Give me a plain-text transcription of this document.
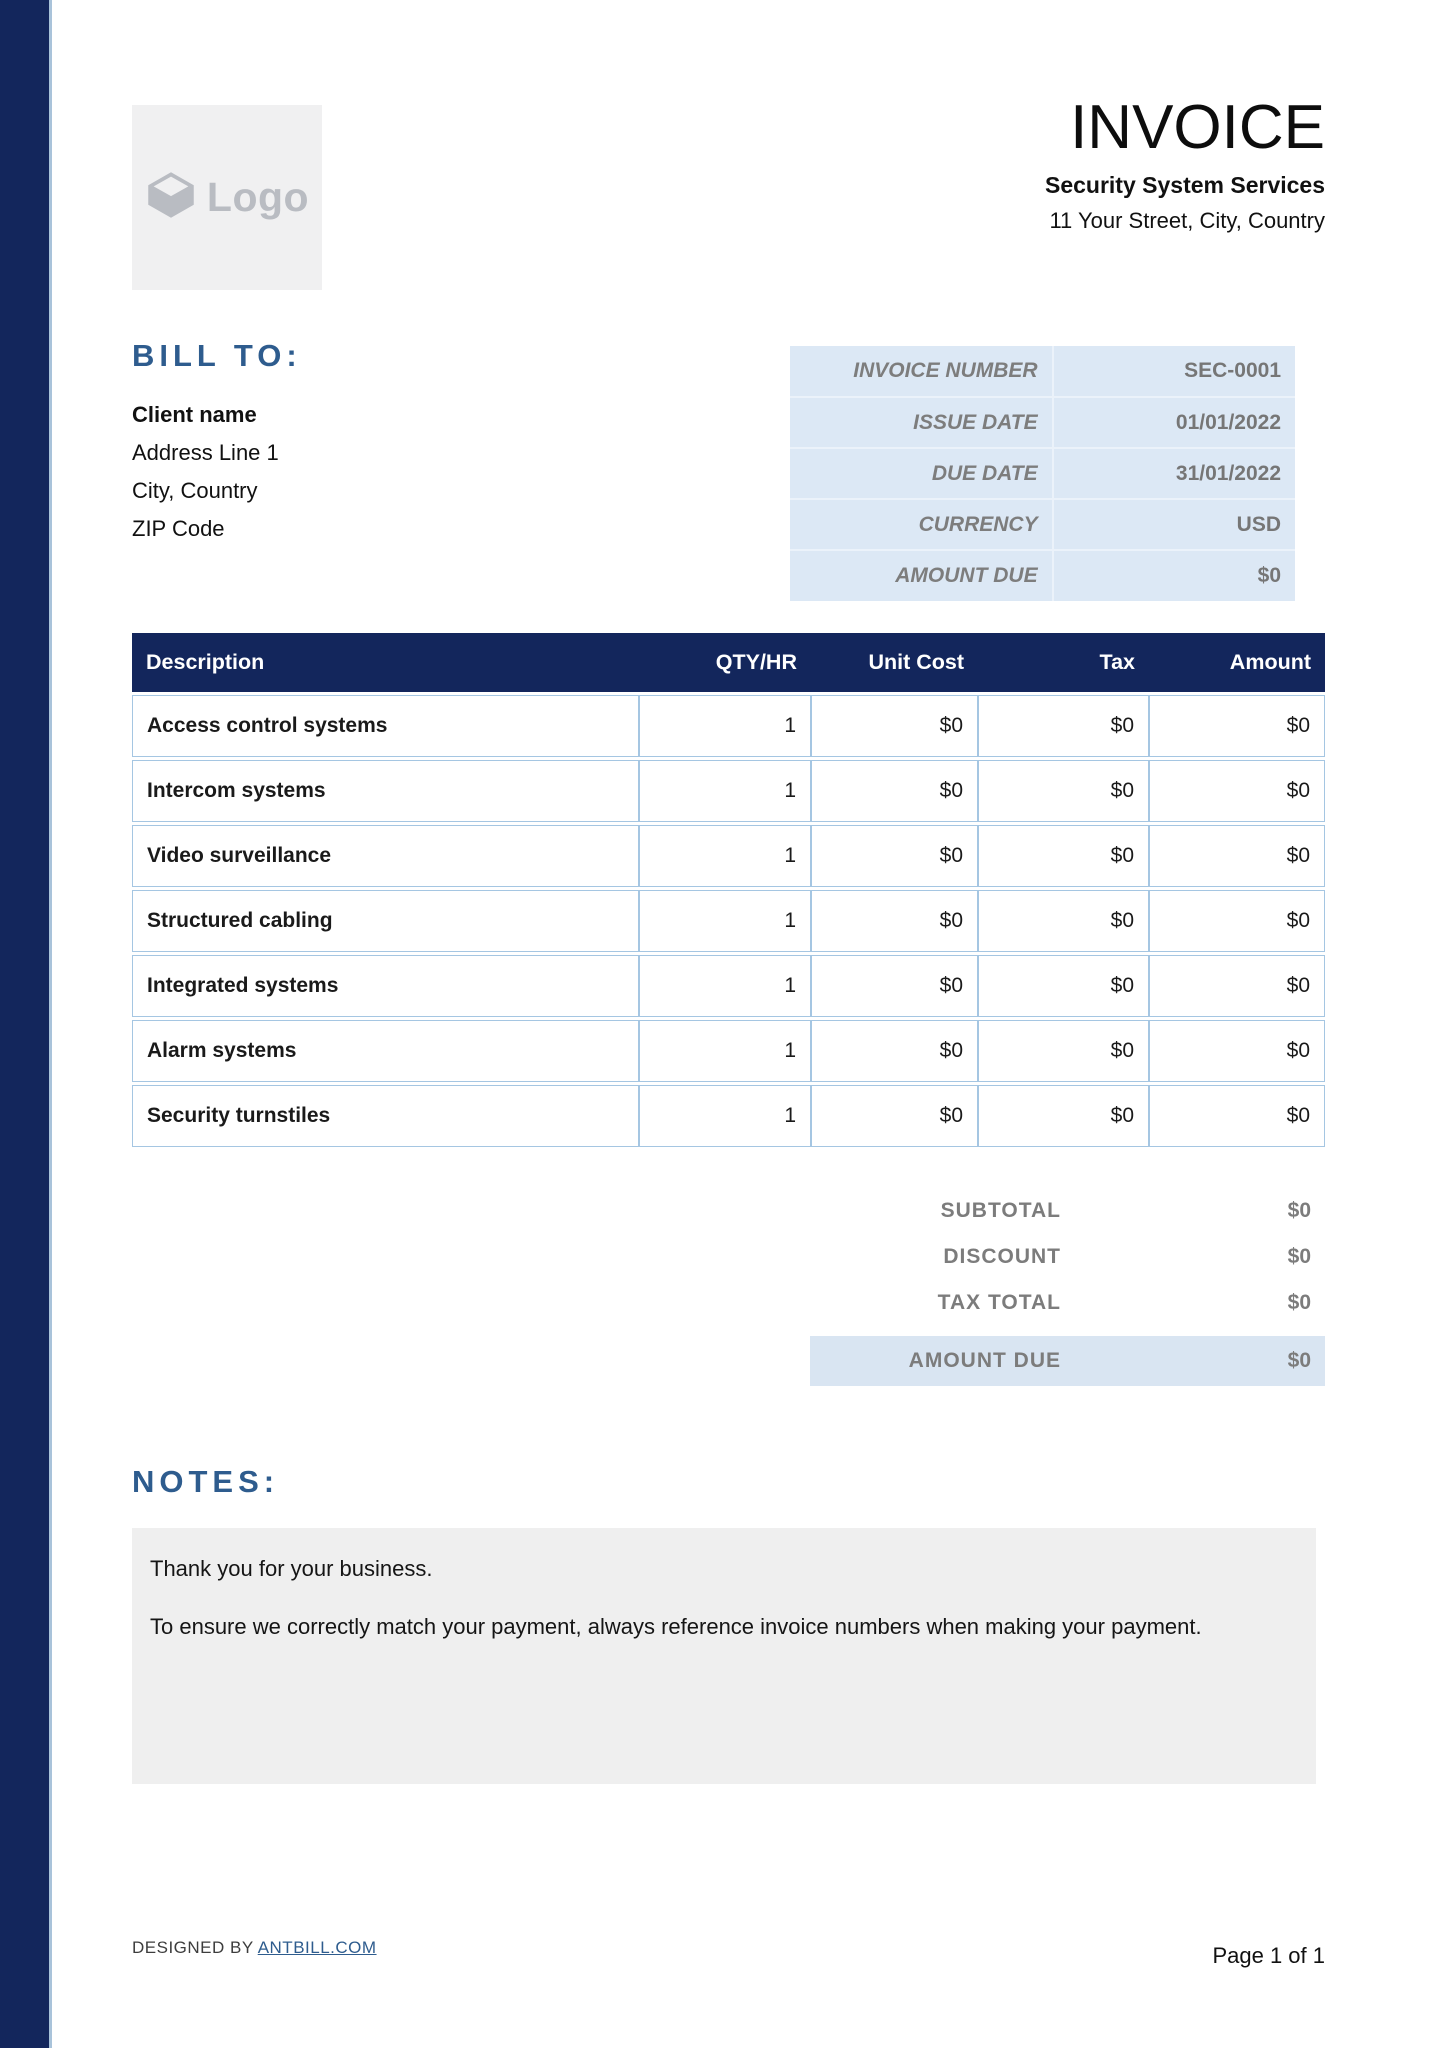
Logo
INVOICE
Security System Services
11 Your Street, City, Country
BILL TO:
Client name
Address Line 1
City, Country
ZIP Code
INVOICE NUMBER	SEC-0001
ISSUE DATE	01/01/2022
DUE DATE	31/01/2022
CURRENCY	USD
AMOUNT DUE	$0
Description	QTY/HR	Unit Cost	Tax	Amount
Access control systems	1	$0	$0	$0
Intercom systems	1	$0	$0	$0
Video surveillance	1	$0	$0	$0
Structured cabling	1	$0	$0	$0
Integrated systems	1	$0	$0	$0
Alarm systems	1	$0	$0	$0
Security turnstiles	1	$0	$0	$0
SUBTOTAL	$0
DISCOUNT	$0
TAX TOTAL	$0
AMOUNT DUE	$0
NOTES:

Thank you for your business.

To ensure we correctly match your payment, always reference invoice numbers when making your payment.

DESIGNED BY ANTBILL.COM	Page 1 of 1
